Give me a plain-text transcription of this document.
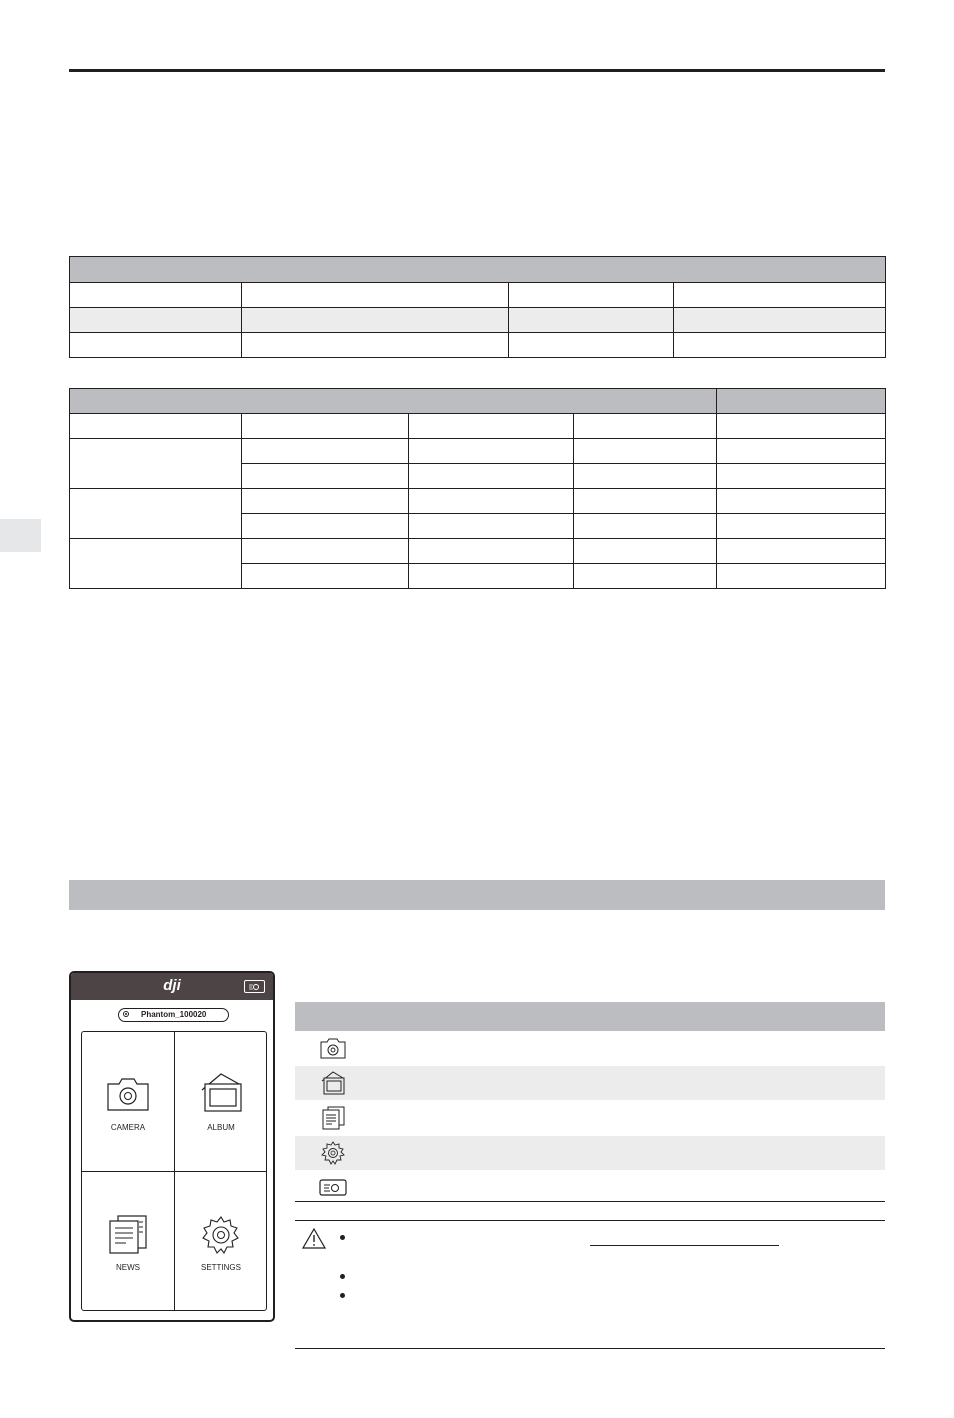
dji
Phantom_100020
CAMERA	ALBUM
NEWS	SETTINGS
